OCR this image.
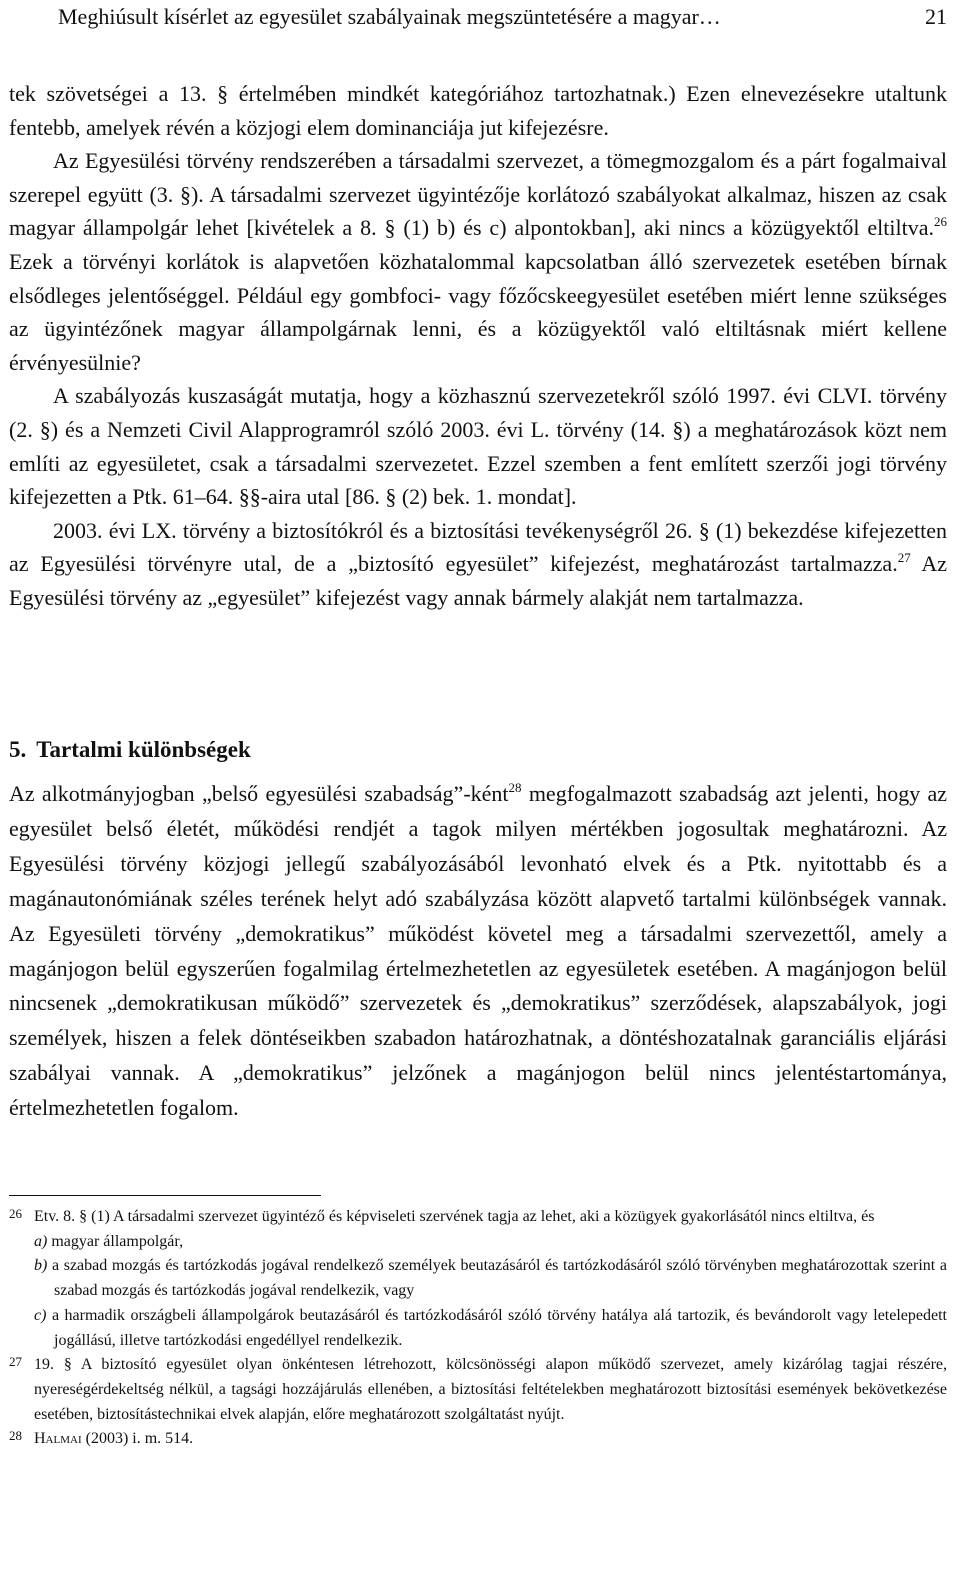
Meghiúsult kísérlet az egyesület szabályainak megszüntetésére a magyar…	21

tek szövetségei a 13. § értelmében mindkét kategóriához tartozhatnak.) Ezen elnevezésekre utaltunk fentebb, amelyek révén a közjogi elem dominanciája jut kifejezésre.

Az Egyesülési törvény rendszerében a társadalmi szervezet, a tömegmozgalom és a párt fogalmaival szerepel együtt (3. §). A társadalmi szervezet ügyintézője korlátozó szabályokat alkalmaz, hiszen az csak magyar állampolgár lehet [kivételek a 8. § (1) b) és c) alpontokban], aki nincs a közügyektől eltiltva.$^{26}$ Ezek a törvényi korlátok is alapvetően közhatalommal kapcsolatban álló szervezetek esetében bírnak elsődleges jelentőséggel. Például egy gombfoci- vagy főzőcskeegyesület esetében miért lenne szükséges az ügyintézőnek magyar állampolgárnak lenni, és a közügyektől való eltiltásnak miért kellene érvényesülnie?

A szabályozás kuszaságát mutatja, hogy a közhasznú szervezetekről szóló 1997. évi CLVI. törvény (2. §) és a Nemzeti Civil Alapprogramról szóló 2003. évi L. törvény (14. §) a meghatározások közt nem említi az egyesületet, csak a társadalmi szervezetet. Ezzel szemben a fent említett szerzői jogi törvény kifejezetten a Ptk. 61–64. §§-aira utal [86. § (2) bek. 1. mondat].

2003. évi LX. törvény a biztosítókról és a biztosítási tevékenységről 26. § (1) bekezdése kifejezetten az Egyesülési törvényre utal, de a „biztosító egyesület” kifejezést, meghatározást tartalmazza.$^{27}$ Az Egyesülési törvény az „egyesület” kifejezést vagy annak bármely alakját nem tartalmazza.

5. Tartalmi különbségek

Az alkotmányjogban „belső egyesülési szabadság”-ként$^{28}$ megfogalmazott szabadság azt jelenti, hogy az egyesület belső életét, működési rendjét a tagok milyen mértékben jogosultak meghatározni. Az Egyesülési törvény közjogi jellegű szabályozásából levonható elvek és a Ptk. nyitottabb és a magánautonómiának széles terének helyt adó szabályzása között alapvető tartalmi különbségek vannak. Az Egyesületi törvény „demokratikus” működést követel meg a társadalmi szervezettől, amely a magánjogon belül egyszerűen fogalmilag értelmezhetetlen az egyesületek esetében. A magánjogon belül nincsenek „demokratikusan működő” szervezetek és „demokratikus” szerződések, alapszabályok, jogi személyek, hiszen a felek döntéseikben szabadon határozhatnak, a döntéshozatalnak garanciális eljárási szabályai vannak. A „demokratikus” jelzőnek a magánjogon belül nincs jelentéstartománya, értelmezhetetlen fogalom.

26 Etv. 8. § (1) A társadalmi szervezet ügyintéző és képviseleti szervének tagja az lehet, aki a közügyek gyakorlásától nincs eltiltva, és

a) magyar állampolgár,

b) a szabad mozgás és tartózkodás jogával rendelkező személyek beutazásáról és tartózkodásáról szóló törvényben meghatározottak szerint a szabad mozgás és tartózkodás jogával rendelkezik, vagy

c) a harmadik országbeli állampolgárok beutazásáról és tartózkodásáról szóló törvény hatálya alá tartozik, és bevándorolt vagy letelepedett jogállású, illetve tartózkodási engedéllyel rendelkezik.

27 19. § A biztosító egyesület olyan önkéntesen létrehozott, kölcsönösségi alapon működő szervezet, amely kizárólag tagjai részére, nyereségérdekeltség nélkül, a tagsági hozzájárulás ellenében, a biztosítási feltételekben meghatározott biztosítási események bekövetkezése esetében, biztosítástechnikai elvek alapján, előre meghatározott szolgáltatást nyújt.

28 Halmai (2003) i. m. 514.
